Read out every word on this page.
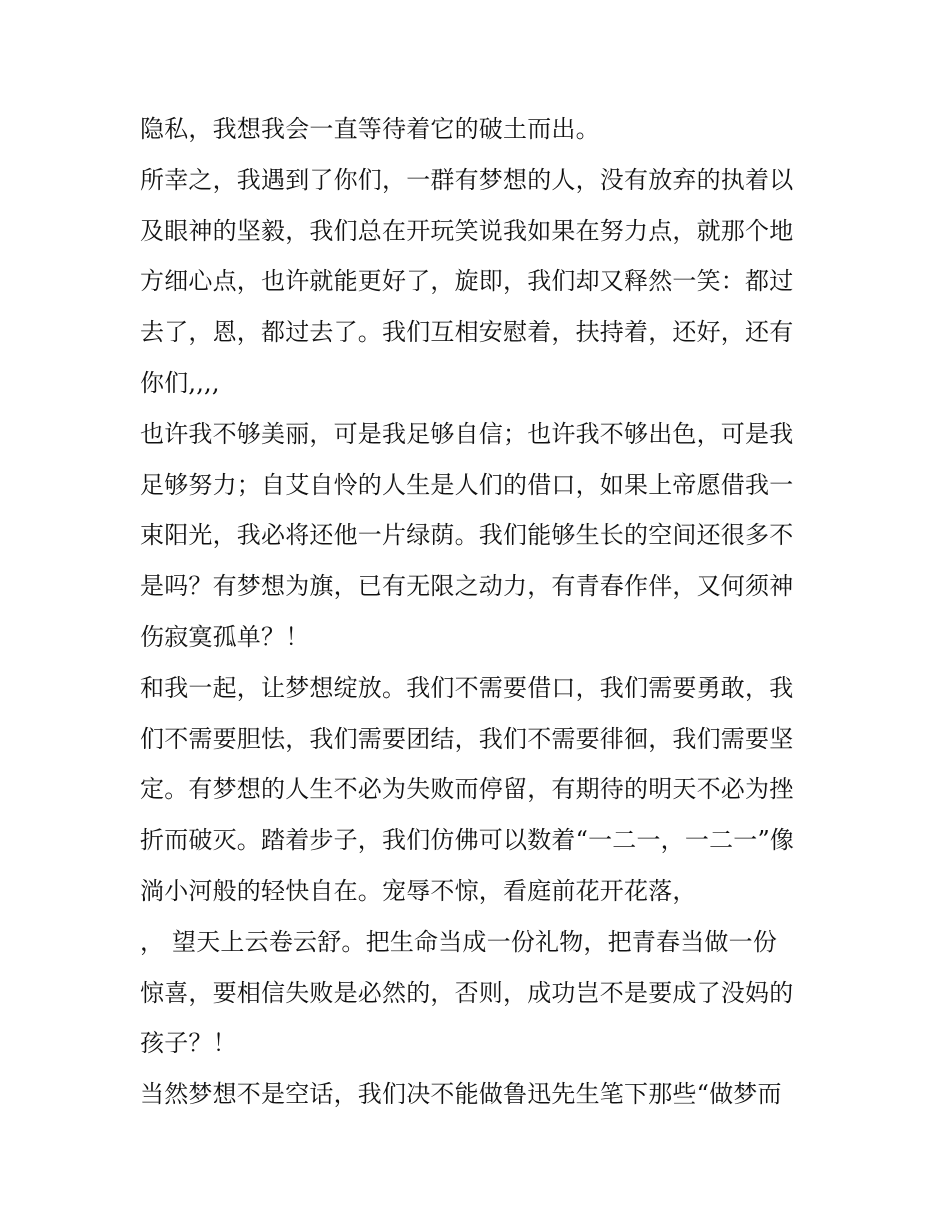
隐私，我想我会一直等待着它的破土而出。
所幸之，我遇到了你们，一群有梦想的人，没有放弃的执着以
及眼神的坚毅，我们总在开玩笑说我如果在努力点，就那个地
方细心点，也许就能更好了，旋即，我们却又释然一笑：都过
去了，恩，都过去了。我们互相安慰着，扶持着，还好，还有
你们,,,,
也许我不够美丽，可是我足够自信；也许我不够出色，可是我
足够努力；自艾自怜的人生是人们的借口，如果上帝愿借我一
束阳光，我必将还他一片绿荫。我们能够生长的空间还很多不
是吗？有梦想为旗，已有无限之动力，有青春作伴，又何须神
伤寂寞孤单？！
和我一起，让梦想绽放。我们不需要借口，我们需要勇敢，我
们不需要胆怯，我们需要团结，我们不需要徘徊，我们需要坚
定。有梦想的人生不必为失败而停留，有期待的明天不必为挫
折而破灭。踏着步子，我们仿佛可以数着“一二一，一二一”像
淌小河般的轻快自在。宠辱不惊，看庭前花开花落，
， 望天上云卷云舒。把生命当成一份礼物，把青春当做一份
惊喜，要相信失败是必然的，否则，成功岂不是要成了没妈的
孩子？！
当然梦想不是空话，我们决不能做鲁迅先生笔下那些“做梦而
